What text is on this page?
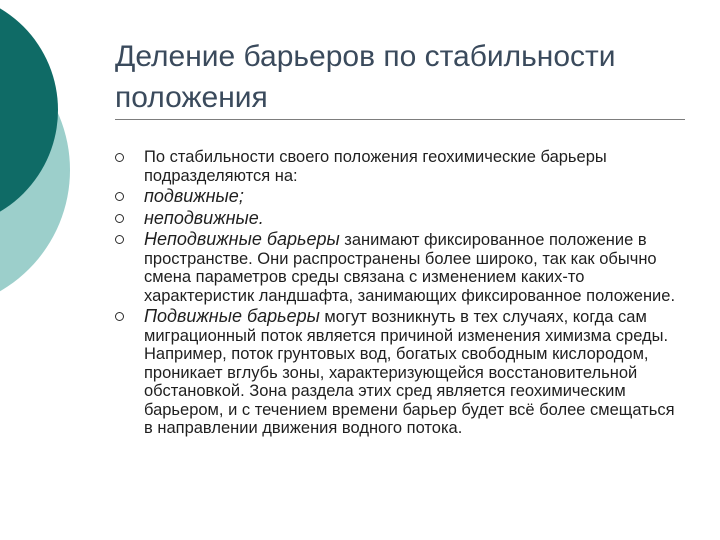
Деление барьеров по стабильности положения
По стабильности своего положения геохимические барьеры подразделяются на:
подвижные;
неподвижные.
Неподвижные барьеры занимают фиксированное положение в пространстве. Они распространены более широко, так как обычно смена параметров среды связана с изменением каких-то характеристик ландшафта, занимающих фиксированное положение.
Подвижные барьеры могут возникнуть в тех случаях, когда сам миграционный поток является причиной изменения химизма среды. Например, поток грунтовых вод, богатых свободным кислородом, проникает вглубь зоны, характеризующейся восстановительной обстановкой. Зона раздела этих сред является геохимическим барьером, и с течением времени барьер будет всё более смещаться в направлении движения водного потока.
